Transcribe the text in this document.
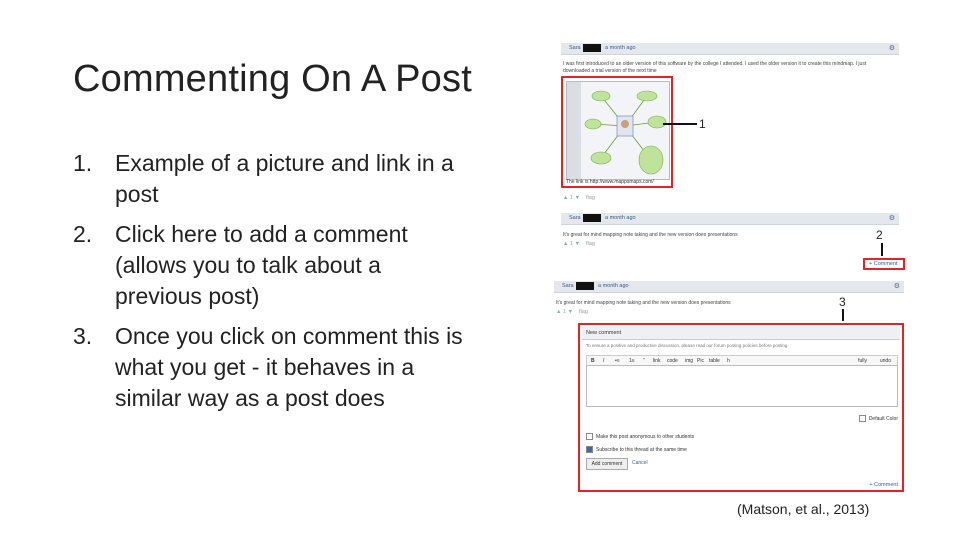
Commenting On A Post
1. Example of a picture and link in a post
2. Click here to add a comment (allows you to talk about a previous post)
3. Once you click on comment this is what you get - it behaves in a similar way as a post does
Sara	a month ago	⚙
I was first introduced to an older version of this software by the college I attended. I used the older version it to create this mindmap. I just
downloaded a trial version of the next time
The link is http://www.mappsmaps.com/
▲ 1 ▼ flag
1
Sara	a month ago	⚙
It's great for mind mapping note taking and the new version does presentations
▲ 1 ▼ flag
+ Comment
2
Sara	a month ago	⚙
It's great for mind mapping note taking and the new version does presentations
▲ 1 ▼ flag
New comment
To ensure a positive and productive discussion, please read our forum posting policies before posting.
B I •≡ 1≡ ” link code img Pic table h	fully	undo
Default Color
Make this post anonymous to other students
Subscribe to this thread at the same time
Add comment	Cancel
+ Comment
3
(Matson, et al., 2013)
